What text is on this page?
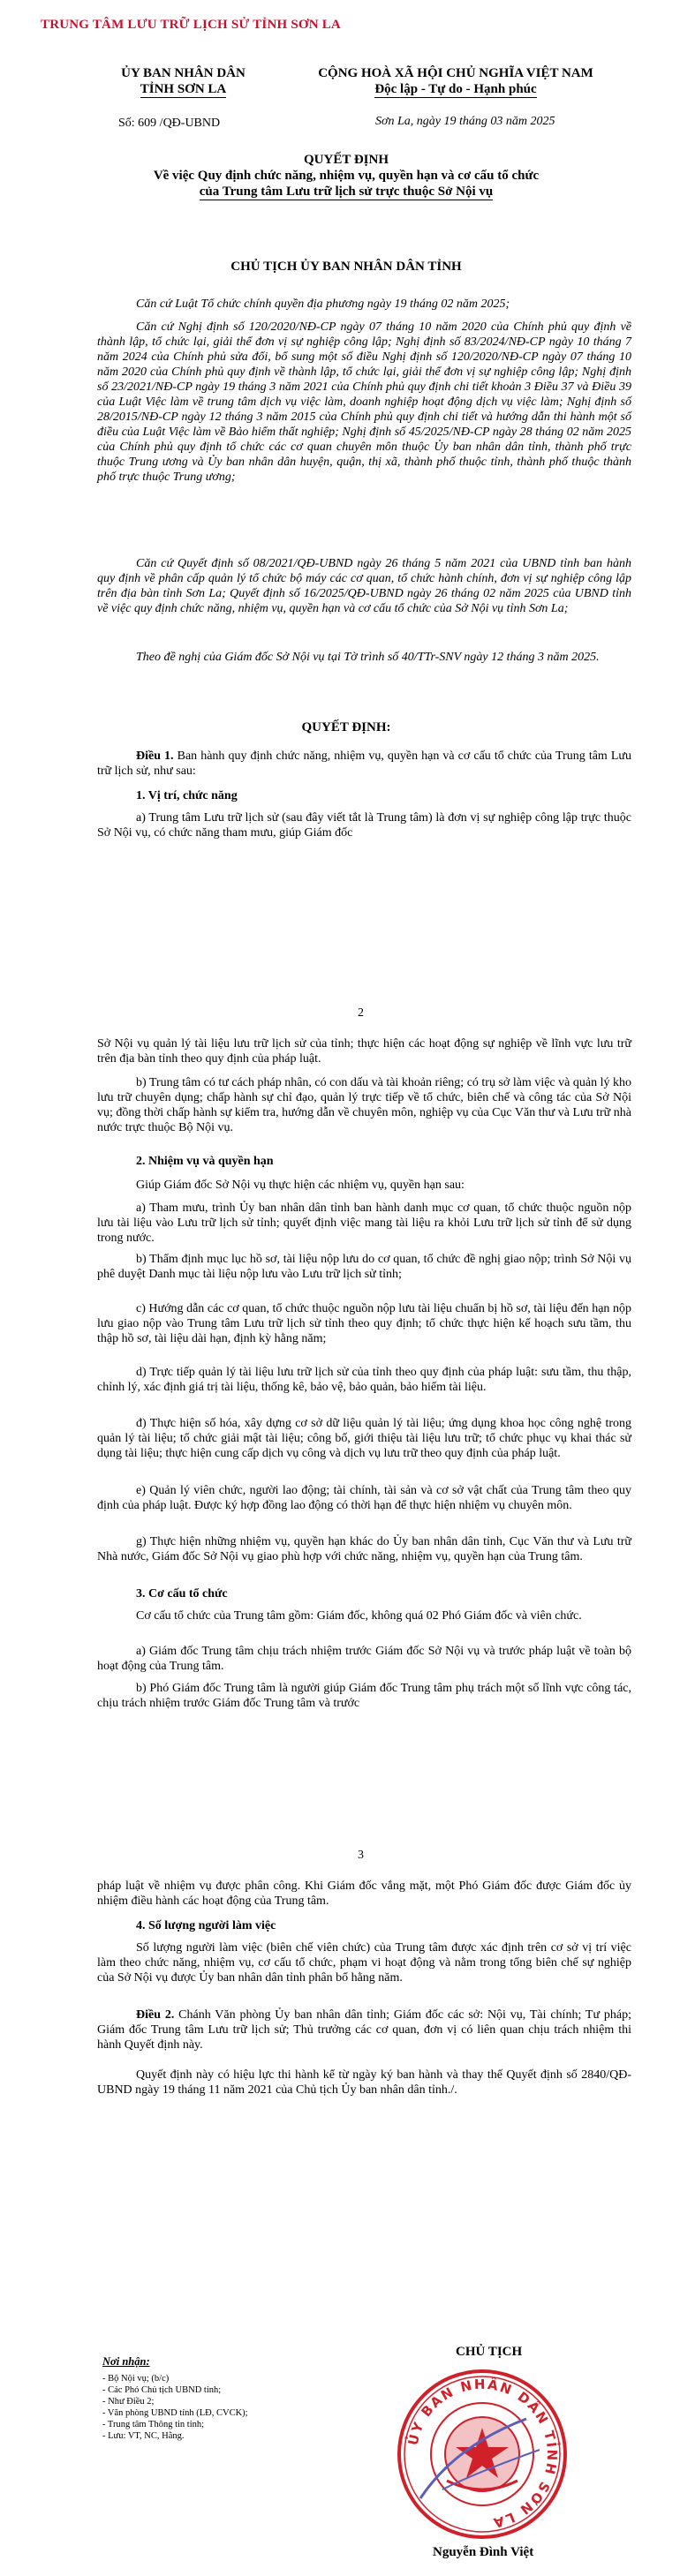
TRUNG TÂM LƯU TRỮ LỊCH SỬ TỈNH SƠN LA
ỦY BAN NHÂN DÂN
TỈNH SƠN LA
CỘNG HOÀ XÃ HỘI CHỦ NGHĨA VIỆT NAM
Độc lập - Tự do - Hạnh phúc
Số: 609 /QĐ-UBND	Sơn La, ngày 19 tháng 03 năm 2025
QUYẾT ĐỊNH
Về việc Quy định chức năng, nhiệm vụ, quyền hạn và cơ cấu tổ chức
của Trung tâm Lưu trữ lịch sử trực thuộc Sở Nội vụ
CHỦ TỊCH ỦY BAN NHÂN DÂN TỈNH
Căn cứ Luật Tổ chức chính quyền địa phương ngày 19 tháng 02 năm 2025;
Căn cứ Nghị định số 120/2020/NĐ-CP ngày 07 tháng 10 năm 2020 của Chính phủ quy định về thành lập, tổ chức lại, giải thể đơn vị sự nghiệp công lập; Nghị định số 83/2024/NĐ-CP ngày 10 tháng 7 năm 2024 của Chính phủ sửa đổi, bổ sung một số điều Nghị định số 120/2020/NĐ-CP ngày 07 tháng 10 năm 2020 của Chính phủ quy định về thành lập, tổ chức lại, giải thể đơn vị sự nghiệp công lập; Nghị định số 23/2021/NĐ-CP ngày 19 tháng 3 năm 2021 của Chính phủ quy định chi tiết khoản 3 Điều 37 và Điều 39 của Luật Việc làm về trung tâm dịch vụ việc làm, doanh nghiệp hoạt động dịch vụ việc làm; Nghị định số 28/2015/NĐ-CP ngày 12 tháng 3 năm 2015 của Chính phủ quy định chi tiết và hướng dẫn thi hành một số điều của Luật Việc làm về Bảo hiểm thất nghiệp; Nghị định số 45/2025/NĐ-CP ngày 28 tháng 02 năm 2025 của Chính phủ quy định tổ chức các cơ quan chuyên môn thuộc Ủy ban nhân dân tỉnh, thành phố trực thuộc Trung ương và Ủy ban nhân dân huyện, quận, thị xã, thành phố thuộc tỉnh, thành phố thuộc thành phố trực thuộc Trung ương;
Căn cứ Quyết định số 08/2021/QĐ-UBND ngày 26 tháng 5 năm 2021 của UBND tỉnh ban hành quy định về phân cấp quản lý tổ chức bộ máy các cơ quan, tổ chức hành chính, đơn vị sự nghiệp công lập trên địa bàn tỉnh Sơn La; Quyết định số 16/2025/QĐ-UBND ngày 26 tháng 02 năm 2025 của UBND tỉnh về việc quy định chức năng, nhiệm vụ, quyền hạn và cơ cấu tổ chức của Sở Nội vụ tỉnh Sơn La;
Theo đề nghị của Giám đốc Sở Nội vụ tại Tờ trình số 40/TTr-SNV ngày 12 tháng 3 năm 2025.
QUYẾT ĐỊNH:
Điều 1. Ban hành quy định chức năng, nhiệm vụ, quyền hạn và cơ cấu tổ chức của Trung tâm Lưu trữ lịch sử, như sau:
1. Vị trí, chức năng
a) Trung tâm Lưu trữ lịch sử (sau đây viết tắt là Trung tâm) là đơn vị sự nghiệp công lập trực thuộc Sở Nội vụ, có chức năng tham mưu, giúp Giám đốc
2
Sở Nội vụ quản lý tài liệu lưu trữ lịch sử của tỉnh; thực hiện các hoạt động sự nghiệp về lĩnh vực lưu trữ trên địa bàn tỉnh theo quy định của pháp luật.
b) Trung tâm có tư cách pháp nhân, có con dấu và tài khoản riêng; có trụ sở làm việc và quản lý kho lưu trữ chuyên dụng; chấp hành sự chỉ đạo, quản lý trực tiếp về tổ chức, biên chế và công tác của Sở Nội vụ; đồng thời chấp hành sự kiểm tra, hướng dẫn về chuyên môn, nghiệp vụ của Cục Văn thư và Lưu trữ nhà nước trực thuộc Bộ Nội vụ.
2. Nhiệm vụ và quyền hạn
Giúp Giám đốc Sở Nội vụ thực hiện các nhiệm vụ, quyền hạn sau:
a) Tham mưu, trình Ủy ban nhân dân tỉnh ban hành danh mục cơ quan, tổ chức thuộc nguồn nộp lưu tài liệu vào Lưu trữ lịch sử tỉnh; quyết định việc mang tài liệu ra khỏi Lưu trữ lịch sử tỉnh để sử dụng trong nước.
b) Thẩm định mục lục hồ sơ, tài liệu nộp lưu do cơ quan, tổ chức đề nghị giao nộp; trình Sở Nội vụ phê duyệt Danh mục tài liệu nộp lưu vào Lưu trữ lịch sử tỉnh;
c) Hướng dẫn các cơ quan, tổ chức thuộc nguồn nộp lưu tài liệu chuẩn bị hồ sơ, tài liệu đến hạn nộp lưu giao nộp vào Trung tâm Lưu trữ lịch sử tỉnh theo quy định; tổ chức thực hiện kế hoạch sưu tầm, thu thập hồ sơ, tài liệu dài hạn, định kỳ hằng năm;
d) Trực tiếp quản lý tài liệu lưu trữ lịch sử của tỉnh theo quy định của pháp luật: sưu tầm, thu thập, chỉnh lý, xác định giá trị tài liệu, thống kê, bảo vệ, bảo quản, bảo hiểm tài liệu.
đ) Thực hiện số hóa, xây dựng cơ sở dữ liệu quản lý tài liệu; ứng dụng khoa học công nghệ trong quản lý tài liệu; tổ chức giải mật tài liệu; công bố, giới thiệu tài liệu lưu trữ; tổ chức phục vụ khai thác sử dụng tài liệu; thực hiện cung cấp dịch vụ công và dịch vụ lưu trữ theo quy định của pháp luật.
e) Quản lý viên chức, người lao động; tài chính, tài sản và cơ sở vật chất của Trung tâm theo quy định của pháp luật. Được ký hợp đồng lao động có thời hạn để thực hiện nhiệm vụ chuyên môn.
g) Thực hiện những nhiệm vụ, quyền hạn khác do Ủy ban nhân dân tỉnh, Cục Văn thư và Lưu trữ Nhà nước, Giám đốc Sở Nội vụ giao phù hợp với chức năng, nhiệm vụ, quyền hạn của Trung tâm.
3. Cơ cấu tổ chức
Cơ cấu tổ chức của Trung tâm gồm: Giám đốc, không quá 02 Phó Giám đốc và viên chức.
a) Giám đốc Trung tâm chịu trách nhiệm trước Giám đốc Sở Nội vụ và trước pháp luật về toàn bộ hoạt động của Trung tâm.
b) Phó Giám đốc Trung tâm là người giúp Giám đốc Trung tâm phụ trách một số lĩnh vực công tác, chịu trách nhiệm trước Giám đốc Trung tâm và trước
3
pháp luật về nhiệm vụ được phân công. Khi Giám đốc vắng mặt, một Phó Giám đốc được Giám đốc ủy nhiệm điều hành các hoạt động của Trung tâm.
4. Số lượng người làm việc
Số lượng người làm việc (biên chế viên chức) của Trung tâm được xác định trên cơ sở vị trí việc làm theo chức năng, nhiệm vụ, cơ cấu tổ chức, phạm vi hoạt động và nằm trong tổng biên chế sự nghiệp của Sở Nội vụ được Ủy ban nhân dân tỉnh phân bổ hằng năm.
Điều 2. Chánh Văn phòng Ủy ban nhân dân tỉnh; Giám đốc các sở: Nội vụ, Tài chính; Tư pháp; Giám đốc Trung tâm Lưu trữ lịch sử; Thủ trưởng các cơ quan, đơn vị có liên quan chịu trách nhiệm thi hành Quyết định này.
Quyết định này có hiệu lực thi hành kể từ ngày ký ban hành và thay thế Quyết định số 2840/QĐ-UBND ngày 19 tháng 11 năm 2021 của Chủ tịch Ủy ban nhân dân tỉnh./.
Nơi nhận:
- Bộ Nội vụ; (b/c)
- Các Phó Chủ tịch UBND tỉnh;
- Như Điều 2;
- Văn phòng UBND tỉnh (LĐ, CVCK);
- Trung tâm Thông tin tỉnh;
- Lưu: VT, NC, Hằng.
CHỦ TỊCH
ỦY BAN NHÂN DÂN TỈNH SƠN LA
Nguyễn Đình Việt
